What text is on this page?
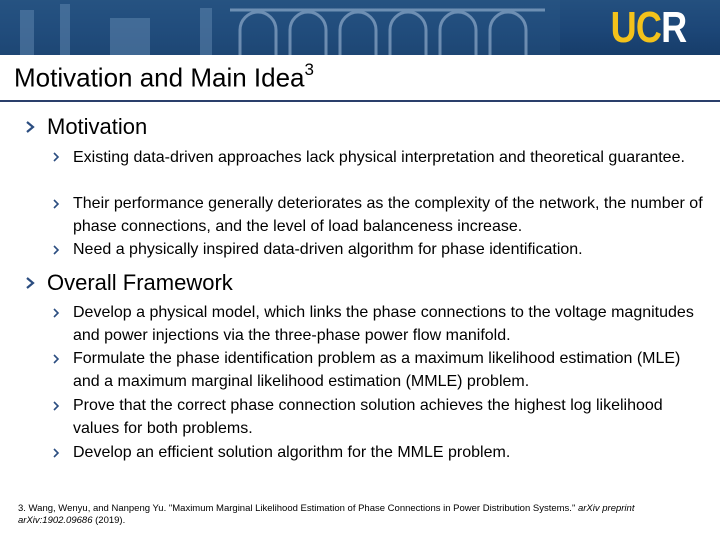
UCR
Motivation and Main Idea$^3$
Motivation
Existing data-driven approaches lack physical interpretation and theoretical guarantee.
Their performance generally deteriorates as the complexity of the network, the number of phase connections, and the level of load balanceness increase.
Need a physically inspired data-driven algorithm for phase identification.
Overall Framework
Develop a physical model, which links the phase connections to the voltage magnitudes and power injections via the three-phase power flow manifold.
Formulate the phase identification problem as a maximum likelihood estimation (MLE) and a maximum marginal likelihood estimation (MMLE) problem.
Prove that the correct phase connection solution achieves the highest log likelihood values for both problems.
Develop an efficient solution algorithm for the MMLE problem.
3. Wang, Wenyu, and Nanpeng Yu. "Maximum Marginal Likelihood Estimation of Phase Connections in Power Distribution Systems." arXiv preprint arXiv:1902.09686 (2019).
